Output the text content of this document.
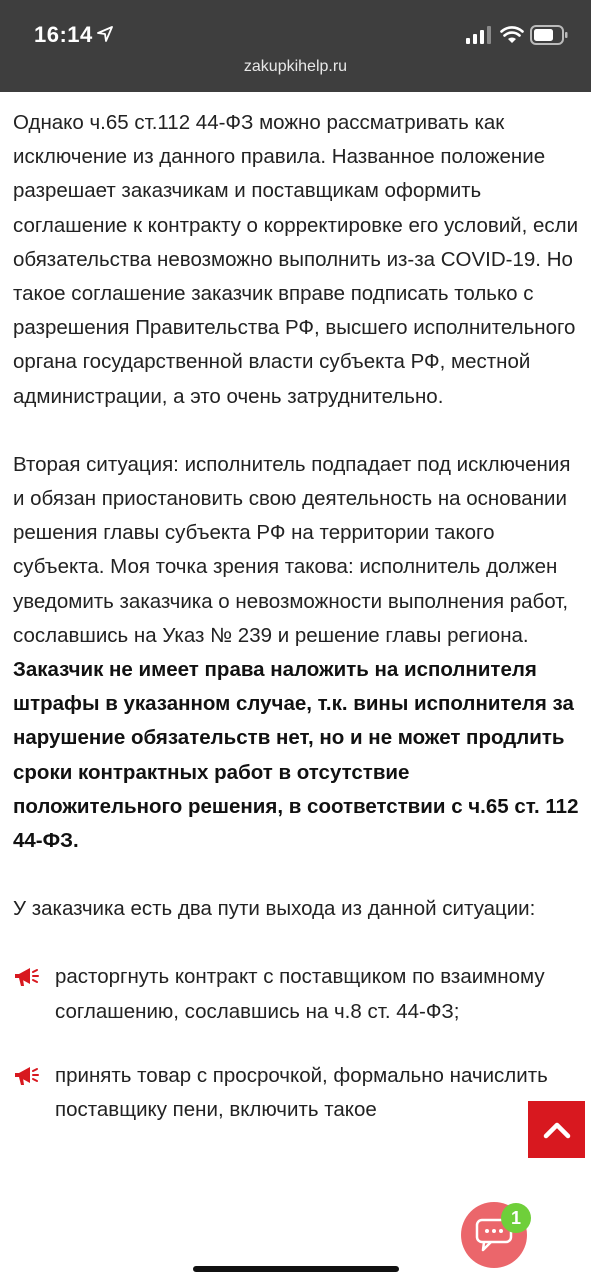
16:14
zakupkihelp.ru

Однако ч.65 ст.112 44-ФЗ можно рассматривать как исключение из данного правила. Названное положение разрешает заказчикам и поставщикам оформить соглашение к контракту о корректировке его условий, если обязательства невозможно выполнить из-за COVID-19. Но такое соглашение заказчик вправе подписать только с разрешения Правительства РФ, высшего исполнительного органа государственной власти субъекта РФ, местной администрации, а это очень затруднительно.

Вторая ситуация: исполнитель подпадает под исключения и обязан приостановить свою деятельность на основании решения главы субъекта РФ на территории такого субъекта. Моя точка зрения такова: исполнитель должен уведомить заказчика о невозможности выполнения работ, сославшись на Указ № 239 и решение главы региона. Заказчик не имеет права наложить на исполнителя штрафы в указанном случае, т.к. вины исполнителя за нарушение обязательств нет, но и не может продлить сроки контрактных работ в отсутствие положительного решения, в соответствии с ч.65 ст. 112 44-ФЗ.

У заказчика есть два пути выхода из данной ситуации:

расторгнуть контракт с поставщиком по взаимному соглашению, сославшись на ч.8 ст. 44-ФЗ;
принять товар с просрочкой, формально начислить поставщику пени, включить такое
1
